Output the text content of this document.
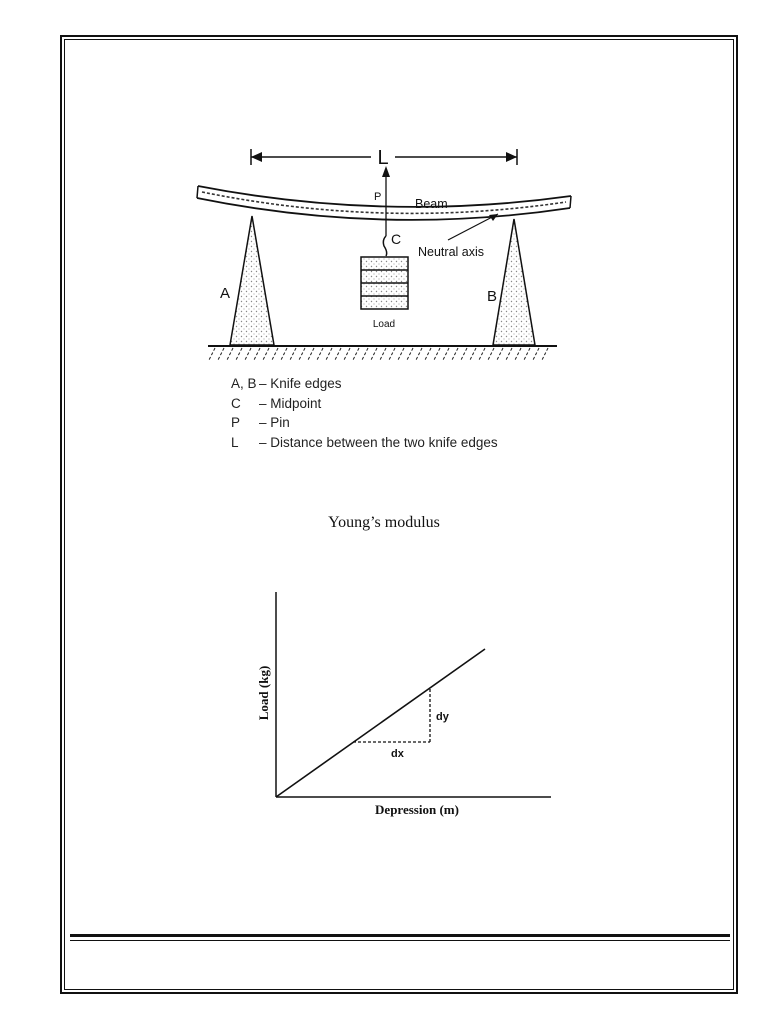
L
Beam
P
C
Neutral axis
Load
A	B
A, B – Knife edges
C	– Midpoint
P	– Pin
L	– Distance between the two knife edges
Young’s modulus
dy
dx
Load (kg)
Depression (m)
